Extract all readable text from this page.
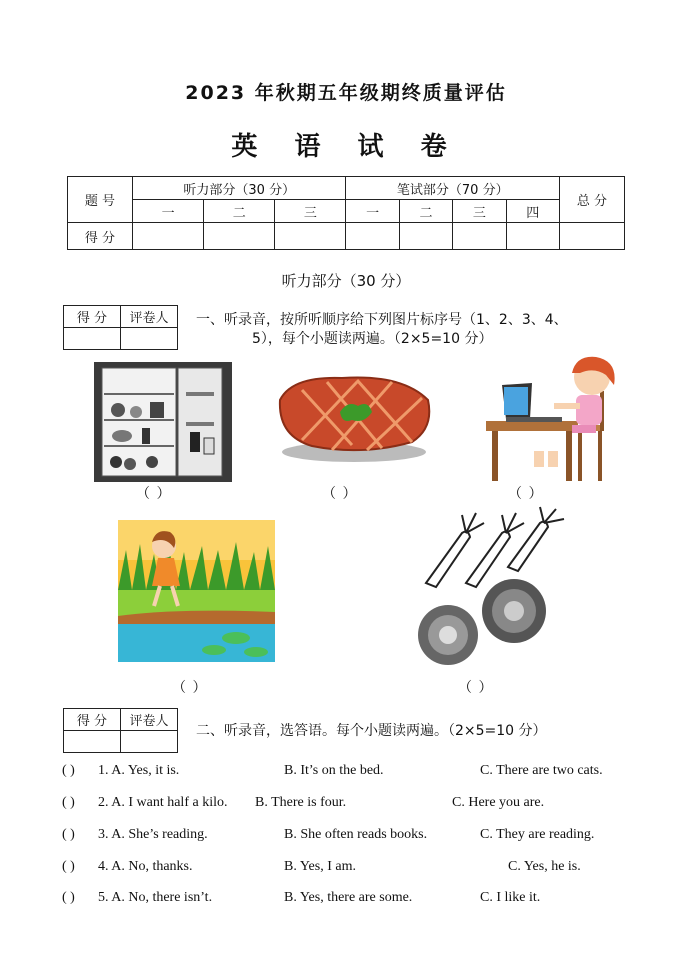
2023 年秋期五年级期终质量评估
英 语 试 卷
题 号	听力部分（30 分）			笔试部分（70 分）				总 分
	一	二	三	一	二	三	四	
得 分								
听力部分（30 分）
得 分	评卷人
	一、听录音，按所听顺序给下列图片标序号（1、2、3、4、
5），每个小题读两遍。（2×5=10 分）
（ ）	（ ）	（ ）
（ ）	（ ）
得 分	评卷人

二、听录音，选答语。每个小题读两遍。（2×5=10 分）
( ) 1. A. Yes, it is.	B. It’s on the bed.	C. There are two cats.
( ) 2. A. I want half a kilo. B. There is four.	C. Here you are.
( ) 3. A. She’s reading.	B. She often reads books.	C. They are reading.
( ) 4. A. No, thanks.	B. Yes, I am.	C. Yes, he is.
( ) 5. A. No, there isn’t.	B. Yes, there are some.	C. I like it.
